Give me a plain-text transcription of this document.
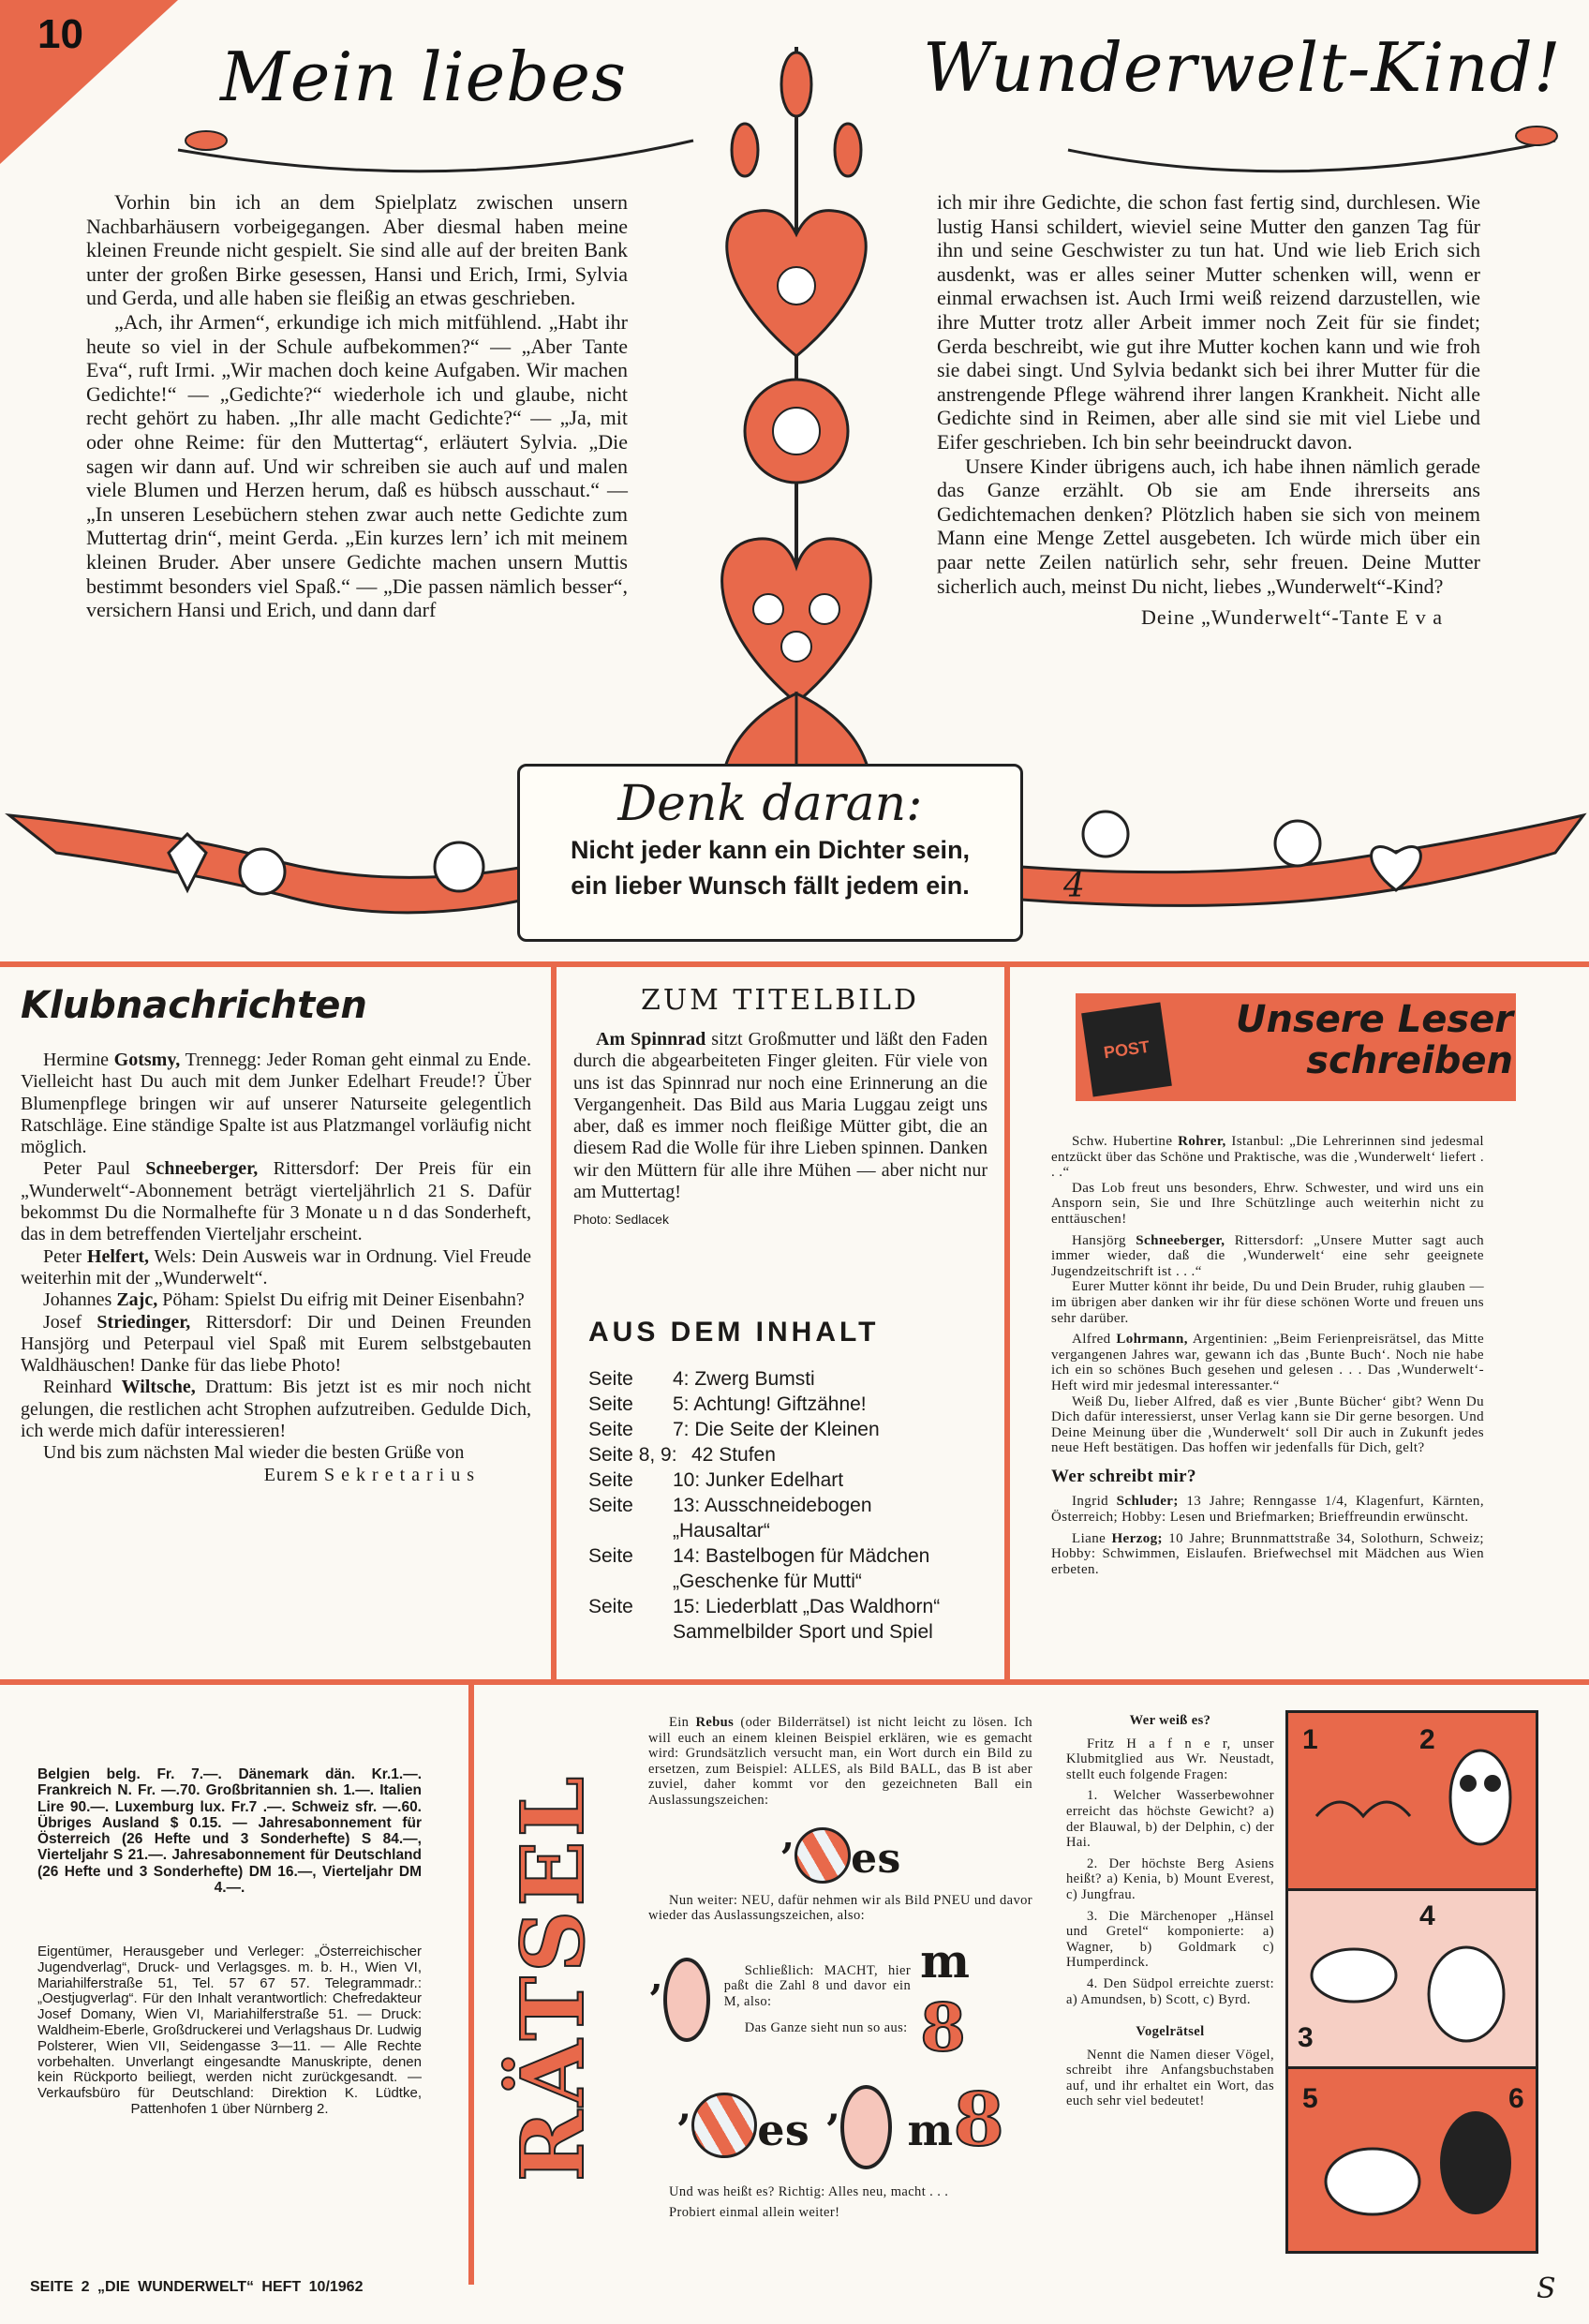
10
Mein liebes	Wunderwelt-Kind!

Vorhin bin ich an dem Spielplatz zwischen unsern Nachbarhäusern vorbeigegangen. Aber diesmal haben meine kleinen Freunde nicht gespielt. Sie sind alle auf der breiten Bank unter der großen Birke gesessen, Hansi und Erich, Irmi, Sylvia und Gerda, und alle haben sie fleißig an etwas geschrieben.

„Ach, ihr Armen“, erkundige ich mich mitfühlend. „Habt ihr heute so viel in der Schule aufbekommen?“ — „Aber Tante Eva“, ruft Irmi. „Wir machen doch keine Aufgaben. Wir machen Gedichte!“ — „Gedichte?“ wiederhole ich und glaube, nicht recht gehört zu haben. „Ihr alle macht Gedichte?“ — „Ja, mit oder ohne Reime: für den Muttertag“, erläutert Sylvia. „Die sagen wir dann auf. Und wir schreiben sie auch auf und malen viele Blumen und Herzen herum, daß es hübsch ausschaut.“ — „In unseren Lesebüchern stehen zwar auch nette Gedichte zum Muttertag drin“, meint Gerda. „Ein kurzes lern’ ich mit meinem kleinen Bruder. Aber unsere Gedichte machen unsern Muttis bestimmt besonders viel Spaß.“ — „Die passen nämlich besser“, versichern Hansi und Erich, und dann darf

ich mir ihre Gedichte, die schon fast fertig sind, durchlesen. Wie lustig Hansi schildert, wieviel seine Mutter den ganzen Tag für ihn und seine Geschwister zu tun hat. Und wie lieb Erich sich ausdenkt, was er alles seiner Mutter schenken will, wenn er einmal erwachsen ist. Auch Irmi weiß reizend darzustellen, wie ihre Mutter trotz aller Arbeit immer noch Zeit für sie findet; Gerda beschreibt, wie gut ihre Mutter kochen kann und wie froh sie dabei singt. Und Sylvia bedankt sich bei ihrer Mutter für die anstrengende Pflege während ihrer langen Krankheit. Nicht alle Gedichte sind in Reimen, aber alle sind sie mit viel Liebe und Eifer geschrieben. Ich bin sehr beeindruckt davon.

Unsere Kinder übrigens auch, ich habe ihnen nämlich gerade das Ganze erzählt. Ob sie am Ende ihrerseits ans Gedichtemachen denken? Plötzlich haben sie sich von meinem Mann eine Menge Zettel ausgebeten. Ich würde mich über ein paar nette Zeilen natürlich sehr, sehr freuen. Deine Mutter sicherlich auch, meinst Du nicht, liebes „Wunderwelt“-Kind?

Deine „Wunderwelt“-Tante E v a
Denk daran:
Nicht jeder kann ein Dichter sein,
ein lieber Wunsch fällt jedem ein.	4
Klubnachrichten

Hermine Gotsmy, Trennegg: Jeder Roman geht einmal zu Ende. Vielleicht hast Du auch mit dem Junker Edelhart Freude!? Über Blumenpflege bringen wir auf unserer Naturseite gelegentlich Ratschläge. Eine ständige Spalte ist aus Platzmangel vorläufig nicht möglich.

Peter Paul Schneeberger, Rittersdorf: Der Preis für ein „Wunderwelt“-Abonnement beträgt vierteljährlich 21 S. Dafür bekommst Du die Normalhefte für 3 Monate u n d das Sonderheft, das in dem betreffenden Vierteljahr erscheint.

Peter Helfert, Wels: Dein Ausweis war in Ordnung. Viel Freude weiterhin mit der „Wunderwelt“.

Johannes Zajc, Pöham: Spielst Du eifrig mit Deiner Eisenbahn?

Josef Striedinger, Rittersdorf: Dir und Deinen Freunden Hansjörg und Peterpaul viel Spaß mit Eurem selbstgebauten Waldhäuschen! Danke für das liebe Photo!

Reinhard Wiltsche, Drattum: Bis jetzt ist es mir noch nicht gelungen, die restlichen acht Strophen aufzutreiben. Gedulde Dich, ich werde mich dafür interessieren!

Und bis zum nächsten Mal wieder die besten Grüße von

Eurem S e k r e t a r i u s
ZUM TITELBILD

Am Spinnrad sitzt Großmutter und läßt den Faden durch die abgearbeiteten Finger gleiten. Für viele von uns ist das Spinnrad nur noch eine Erinnerung an die Vergangenheit. Das Bild aus Maria Luggau zeigt uns aber, daß es immer noch fleißige Mütter gibt, die an diesem Rad die Wolle für ihre Lieben spinnen. Danken wir den Müttern für alle ihre Mühen — aber nicht nur am Muttertag!

Photo: Sedlacek
AUS DEM INHALT
Seite	4: Zwerg Bumsti
Seite	5: Achtung! Giftzähne!
Seite	7: Die Seite der Kleinen
Seite 8, 9: 42 Stufen
Seite	10: Junker Edelhart
Seite	13: Ausschneidebogen „Hausaltar“
Seite	14: Bastelbogen für Mädchen „Geschenke für Mutti“
Seite	15: Liederblatt „Das Waldhorn“ Sammelbilder Sport und Spiel
POST
Unsere Leser
schreiben

Schw. Hubertine Rohrer, Istanbul: „Die Lehrerinnen sind jedesmal entzückt über das Schöne und Praktische, was die ‚Wunderwelt‘ liefert . . .“

Das Lob freut uns besonders, Ehrw. Schwester, und wird uns ein Ansporn sein, Sie und Ihre Schützlinge auch weiterhin nicht zu enttäuschen!

Hansjörg Schneeberger, Rittersdorf: „Unsere Mutter sagt auch immer wieder, daß die ‚Wunderwelt‘ eine sehr geeignete Jugendzeitschrift ist . . .“

Eurer Mutter könnt ihr beide, Du und Dein Bruder, ruhig glauben — im übrigen aber danken wir ihr für diese schönen Worte und freuen uns sehr darüber.

Alfred Lohrmann, Argentinien: „Beim Ferienpreisrätsel, das Mitte vergangenen Jahres war, gewann ich das ‚Bunte Buch‘. Noch nie habe ich ein so schönes Buch gesehen und gelesen . . . Das ‚Wunderwelt‘-Heft wird mir jedesmal interessanter.“

Weiß Du, lieber Alfred, daß es vier ‚Bunte Bücher‘ gibt? Wenn Du Dich dafür interessierst, unser Verlag kann sie Dir gerne besorgen. Und Deine Meinung über die ‚Wunderwelt‘ soll Dir auch in Zukunft jedes neue Heft bestätigen. Das hoffen wir jedenfalls für Dich, gelt?

Wer schreibt mir?

Ingrid Schluder; 13 Jahre; Renngasse 1/4, Klagenfurt, Kärnten, Österreich; Hobby: Lesen und Briefmarken; Brieffreundin erwünscht.

Liane Herzog; 10 Jahre; Brunnmattstraße 34, Solothurn, Schweiz; Hobby: Schwimmen, Eislaufen. Briefwechsel mit Mädchen aus Wien erbeten.

Belgien belg. Fr. 7.—. Dänemark dän. Kr.1.—. Frankreich N. Fr. —.70. Großbritannien sh. 1.—. Italien Lire 90.—. Luxemburg lux. Fr.7 .—. Schweiz sfr. —.60. Übriges Ausland $ 0.15. — Jahresabonnement für Österreich (26 Hefte und 3 Sonderhefte) S 84.—, Vierteljahr S 21.—. Jahresabonnement für Deutschland (26 Hefte und 3 Sonderhefte) DM 16.—, Vierteljahr DM 4.—.
Eigentümer, Herausgeber und Verleger: „Österreichischer Jugendverlag“, Druck- und Verlagsges. m. b. H., Wien VI, Mariahilferstraße 51, Tel. 57 67 57. Telegrammadr.: „Oestjugverlag“. Für den Inhalt verantwortlich: Chefredakteur Josef Domany, Wien VI, Mariahilferstraße 51. — Druck: Waldheim-Eberle, Großdruckerei und Verlagshaus Dr. Ludwig Polsterer, Wien VII, Seidengasse 3—11. — Alle Rechte vorbehalten. Unverlangt eingesandte Manuskripte, denen kein Rückporto beiliegt, werden nicht zurückgesandt. — Verkaufsbüro für Deutschland: Direktion K. Lüdtke, Pattenhofen 1 über Nürnberg 2.	RÄTSEL

Ein Rebus (oder Bilderrätsel) ist nicht leicht zu lösen. Ich will euch an einem kleinen Beispiel erklären, wie es gemacht wird: Grundsätzlich versucht man, ein Wort durch ein Bild zu ersetzen, zum Beispiel: ALLES, als Bild BALL, das B ist aber zuviel, daher kommt vor den gezeichneten Ball ein Auslassungszeichen:

’ es

Nun weiter: NEU, dafür nehmen wir als Bild PNEU und davor wieder das Auslassungszeichen, also:

’

Schließlich: MACHT, hier paßt die Zahl 8 und davor ein M, also:

Das Ganze sieht nun so aus:

m 8
’ es ’ m8

Und was heißt es? Richtig: Alles neu, macht . . .

Probiert einmal allein weiter!

Wer weiß es?

Fritz H a f n e r, unser Klubmitglied aus Wr. Neustadt, stellt euch folgende Fragen:

1. Welcher Wasserbewohner erreicht das höchste Gewicht? a) der Blauwal, b) der Delphin, c) der Hai.

2. Der höchste Berg Asiens heißt? a) Kenia, b) Mount Everest, c) Jungfrau.

3. Die Märchenoper „Hänsel und Gretel“ komponierte: a) Wagner, b) Goldmark c) Humperdinck.

4. Den Südpol erreichte zuerst: a) Amundsen, b) Scott, c) Byrd.

Vogelrätsel

Nennt die Namen dieser Vögel, schreibt ihre Anfangsbuchstaben auf, und ihr erhaltet ein Wort, das euch sehr viel bedeutet!

1	2
3
4
5	6
SEITE 2 „DIE WUNDERWELT“ HEFT 10/1962	S
